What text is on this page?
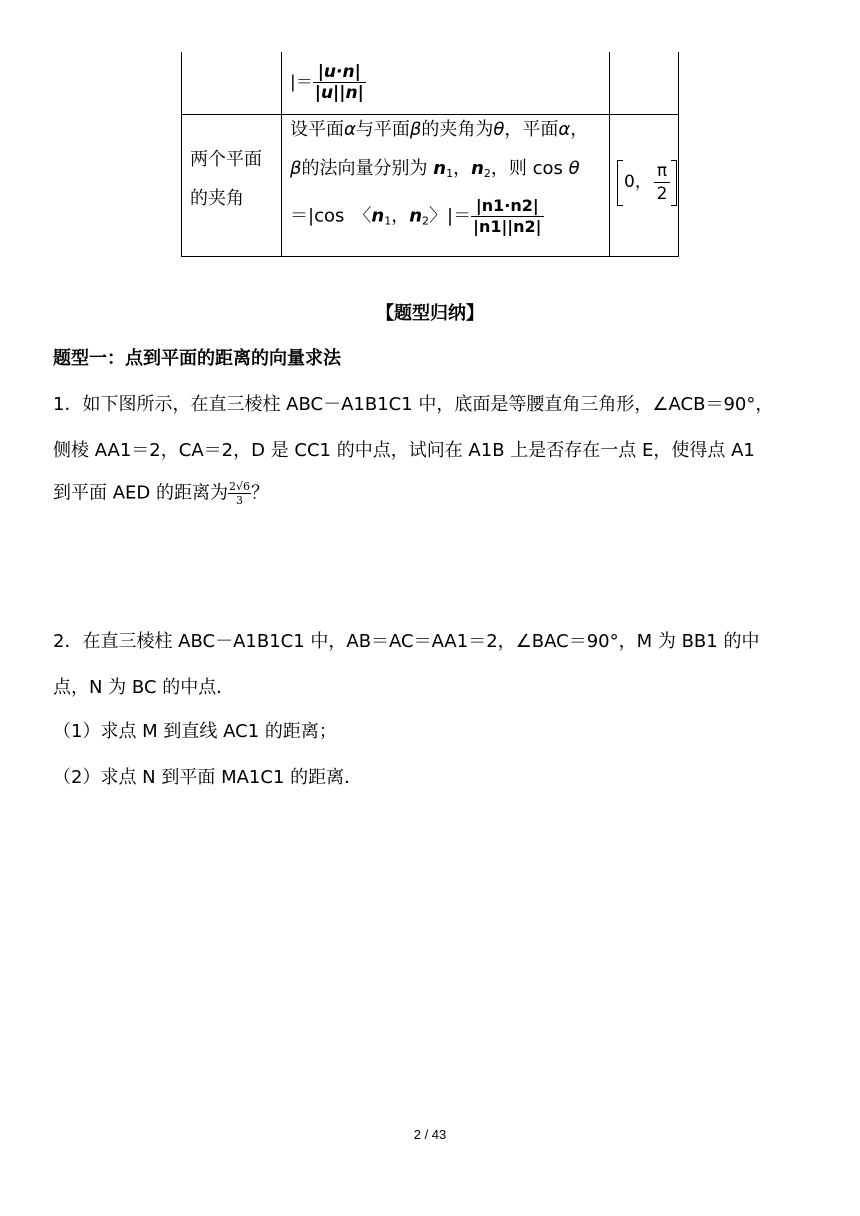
|＝ $\frac{|u\cdot n|}{|u||n|}$
两个平面
的夹角
设平面α与平面β的夹角为θ，平面α，
β的法向量分别为 $n_1$，$n_2$，则 cos θ
＝|cos　〈$n_1$，$n_2$〉|＝ $\frac{|n1\cdot n2|}{|n1||n2|}$
0， $\frac{\pi}{2}$
【题型归纳】
题型一：点到平面的距离的向量求法
1．如下图所示，在直三棱柱 ABC－A1B1C1 中，底面是等腰直角三角形，∠ACB＝90°，
侧棱 AA1＝2，CA＝2，D 是 CC1 的中点，试问在 A1B 上是否存在一点 E，使得点 A1
到平面 AED 的距离为 $\frac{2√6}{3}$ ？
2．在直三棱柱 ABC－A1B1C1 中，AB＝AC＝AA1＝2，∠BAC＝90°，M 为 BB1 的中
点，N 为 BC 的中点．
（1）求点 M 到直线 AC1 的距离；
（2）求点 N 到平面 MA1C1 的距离．
2 / 43
